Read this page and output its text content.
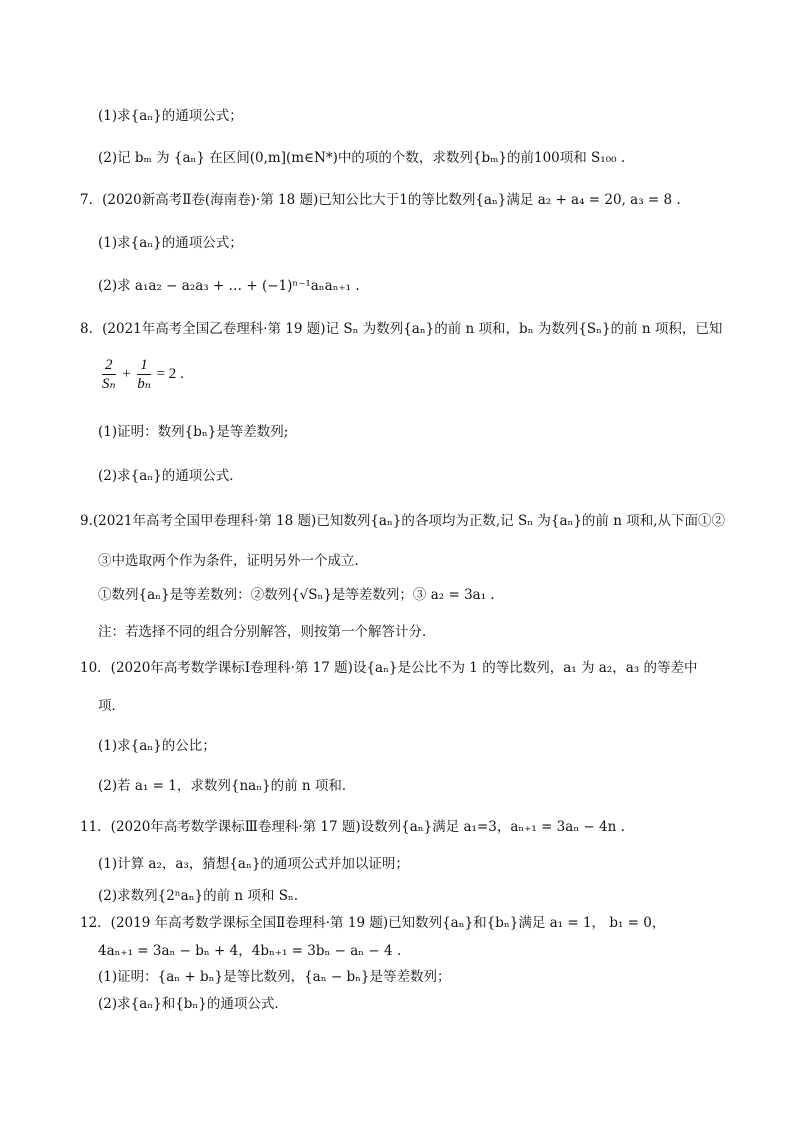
(1)求{aₙ}的通项公式；
(2)记 bₘ 为 {aₙ} 在区间(0,m](m∈N*)中的项的个数，求数列{bₘ}的前100项和 S₁₀₀ .
7．(2020新高考Ⅱ卷(海南卷)·第 18 题)已知公比大于1的等比数列{aₙ}满足 a₂ + a₄ = 20, a₃ = 8 .
(1)求{aₙ}的通项公式；
(2)求 a₁a₂ − a₂a₃ + … + (−1)ⁿ⁻¹aₙaₙ₊₁ .
8．(2021年高考全国乙卷理科·第 19 题)记 Sₙ 为数列{aₙ}的前 n 项和，bₙ 为数列{Sₙ}的前 n 项积，已知
$\frac{2}{\text{Sₙ}} + \frac{1}{\text{bₙ}} = 2$ .
(1)证明：数列{bₙ}是等差数列;
(2)求{aₙ}的通项公式．
9.(2021年高考全国甲卷理科·第 18 题)已知数列{aₙ}的各项均为正数,记 Sₙ 为{aₙ}的前 n 项和,从下面①②
③中选取两个作为条件，证明另外一个成立.
①数列{aₙ}是等差数列：②数列{√Sₙ}是等差数列；③ a₂ = 3a₁ .
注：若选择不同的组合分别解答，则按第一个解答计分．
10．(2020年高考数学课标Ⅰ卷理科·第 17 题)设{aₙ}是公比不为 1 的等比数列，a₁ 为 a₂，a₃ 的等差中
项．
(1)求{aₙ}的公比；
(2)若 a₁ = 1，求数列{naₙ}的前 n 项和．
11．(2020年高考数学课标Ⅲ卷理科·第 17 题)设数列{aₙ}满足 a₁=3，aₙ₊₁ = 3aₙ − 4n .
(1)计算 a₂，a₃，猜想{aₙ}的通项公式并加以证明；
(2)求数列{2ⁿaₙ}的前 n 项和 Sₙ.
12．(2019 年高考数学课标全国Ⅱ卷理科·第 19 题)已知数列{aₙ}和{bₙ}满足 a₁ = 1， b₁ = 0，
4aₙ₊₁ = 3aₙ − bₙ + 4，4bₙ₊₁ = 3bₙ − aₙ − 4 .
(1)证明：{aₙ + bₙ}是等比数列，{aₙ − bₙ}是等差数列；
(2)求{aₙ}和{bₙ}的通项公式.
